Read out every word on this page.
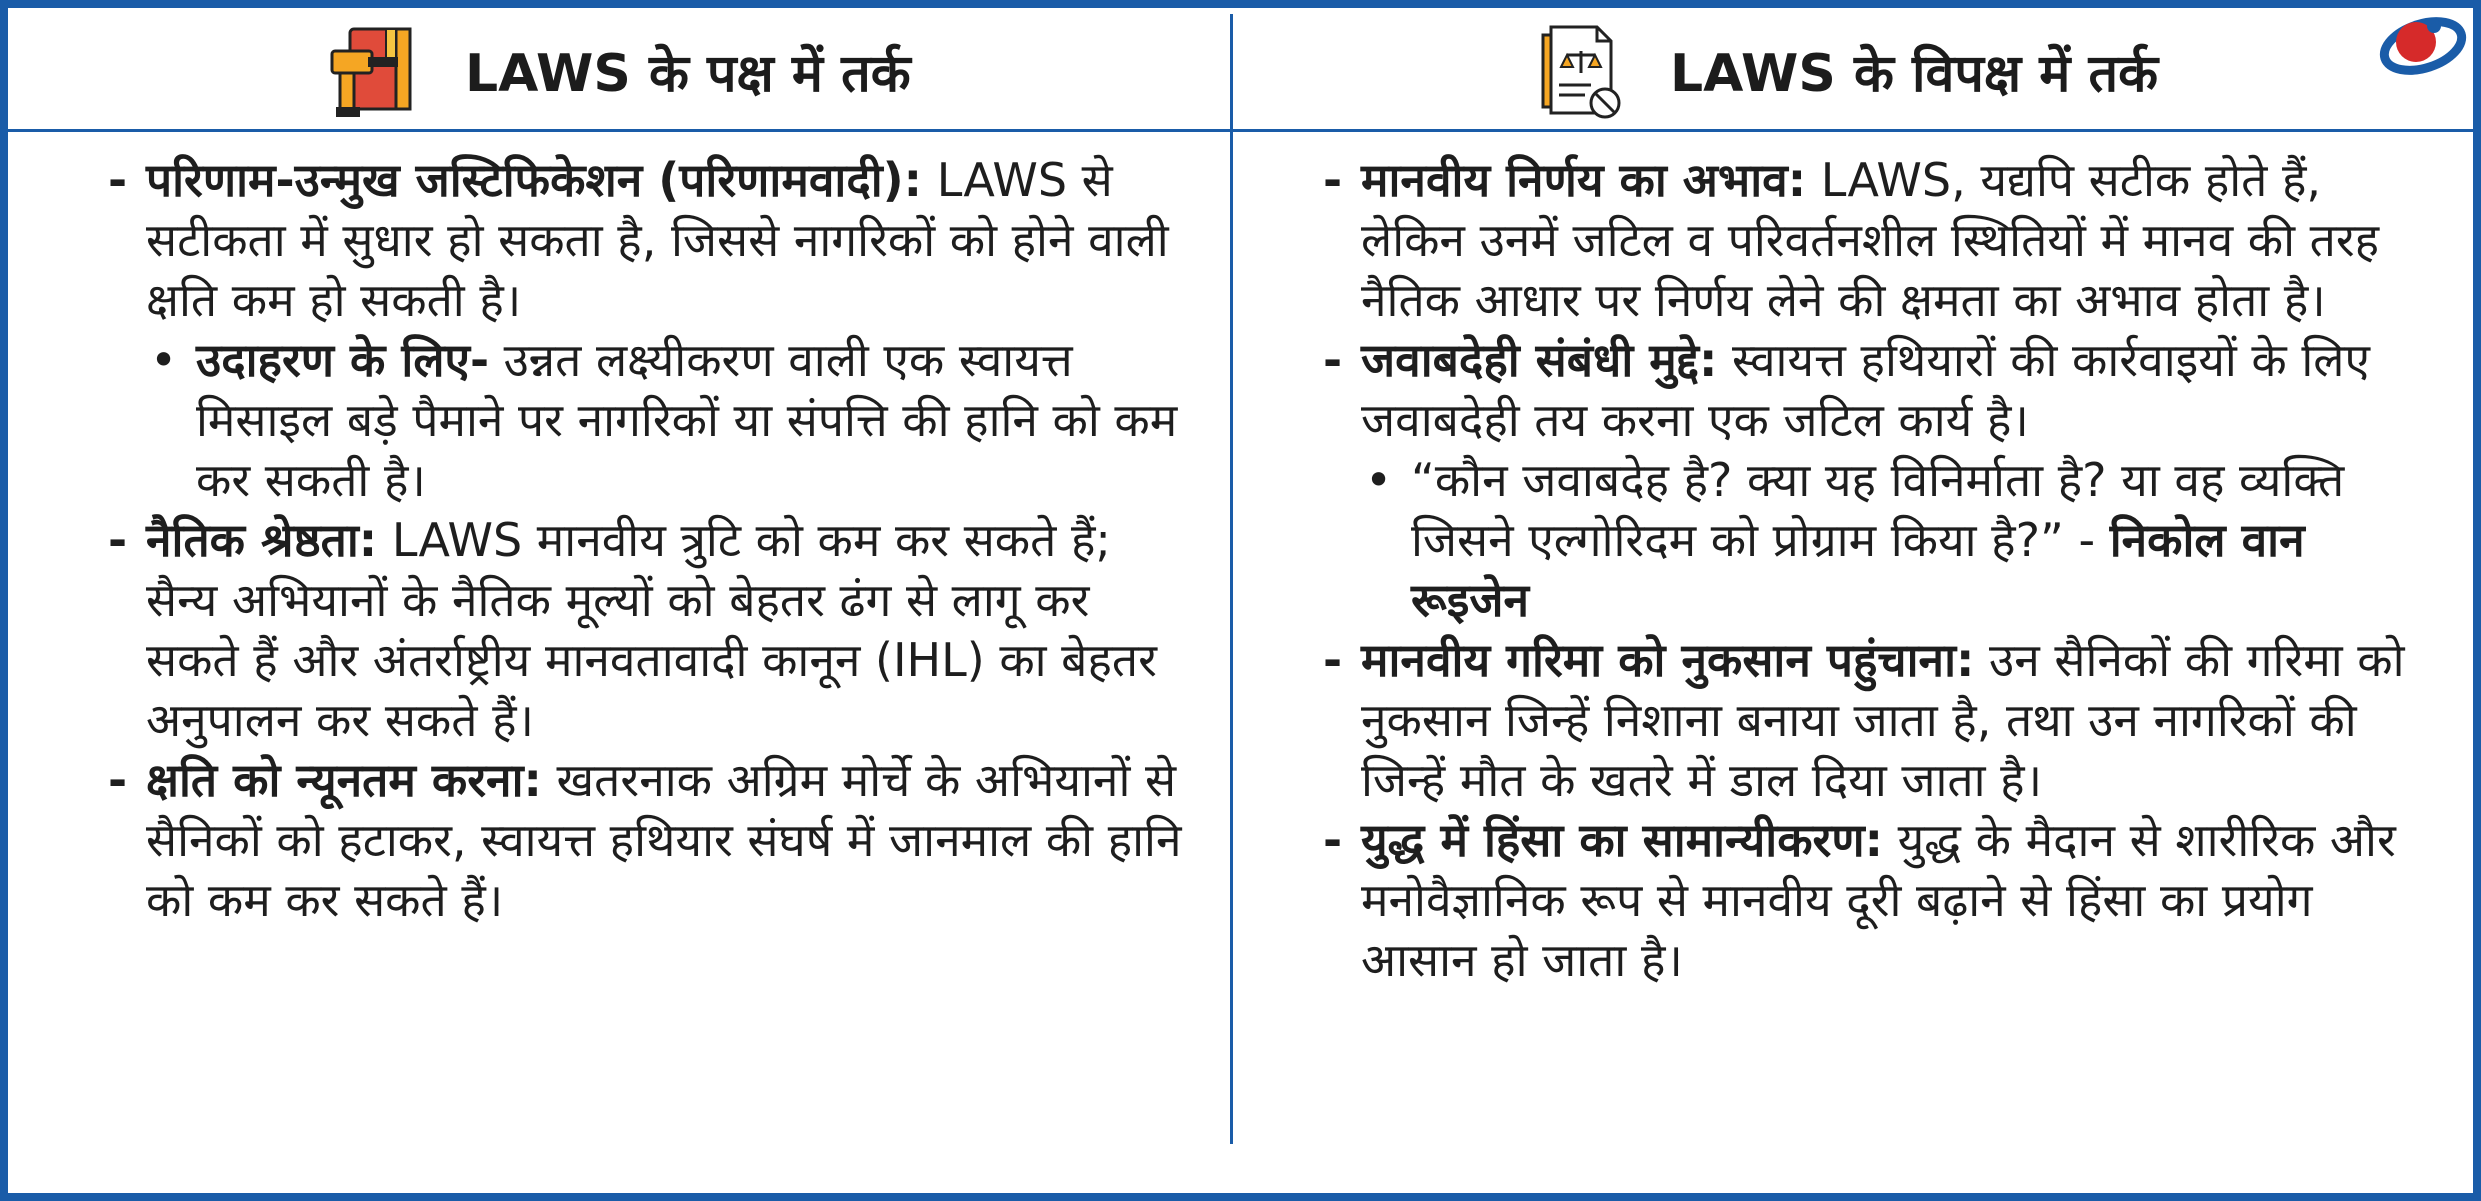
LAWS के पक्ष में तर्क	LAWS के विपक्ष में तर्क
- परिणाम-उन्मुख जस्टिफिकेशन (परिणामवादी): LAWS से सटीकता में सुधार हो सकता है, जिससे नागरिकों को होने वाली क्षति कम हो सकती है।
• उदाहरण के लिए- उन्नत लक्ष्यीकरण वाली एक स्वायत्त मिसाइल बड़े पैमाने पर नागरिकों या संपत्ति की हानि को कम कर सकती है।
- नैतिक श्रेष्ठता: LAWS मानवीय त्रुटि को कम कर सकते हैं; सैन्य अभियानों के नैतिक मूल्यों को बेहतर ढंग से लागू कर सकते हैं और अंतर्राष्ट्रीय मानवतावादी कानून (IHL) का बेहतर अनुपालन कर सकते हैं।
- क्षति को न्यूनतम करना: खतरनाक अग्रिम मोर्चे के अभियानों से सैनिकों को हटाकर, स्वायत्त हथियार संघर्ष में जानमाल की हानि को कम कर सकते हैं।
- मानवीय निर्णय का अभाव: LAWS, यद्यपि सटीक होते हैं, लेकिन उनमें जटिल व परिवर्तनशील स्थितियों में मानव की तरह नैतिक आधार पर निर्णय लेने की क्षमता का अभाव होता है।
- जवाबदेही संबंधी मुद्दे: स्वायत्त हथियारों की कार्रवाइयों के लिए जवाबदेही तय करना एक जटिल कार्य है।
• “कौन जवाबदेह है? क्या यह विनिर्माता है? या वह व्यक्ति जिसने एल्गोरिदम को प्रोग्राम किया है?” - निकोल वान रूइजेन
- मानवीय गरिमा को नुकसान पहुंचाना: उन सैनिकों की गरिमा को नुकसान जिन्हें निशाना बनाया जाता है, तथा उन नागरिकों की जिन्हें मौत के खतरे में डाल दिया जाता है।
- युद्ध में हिंसा का सामान्यीकरण: युद्ध के मैदान से शारीरिक और मनोवैज्ञानिक रूप से मानवीय दूरी बढ़ाने से हिंसा का प्रयोग आसान हो जाता है।
